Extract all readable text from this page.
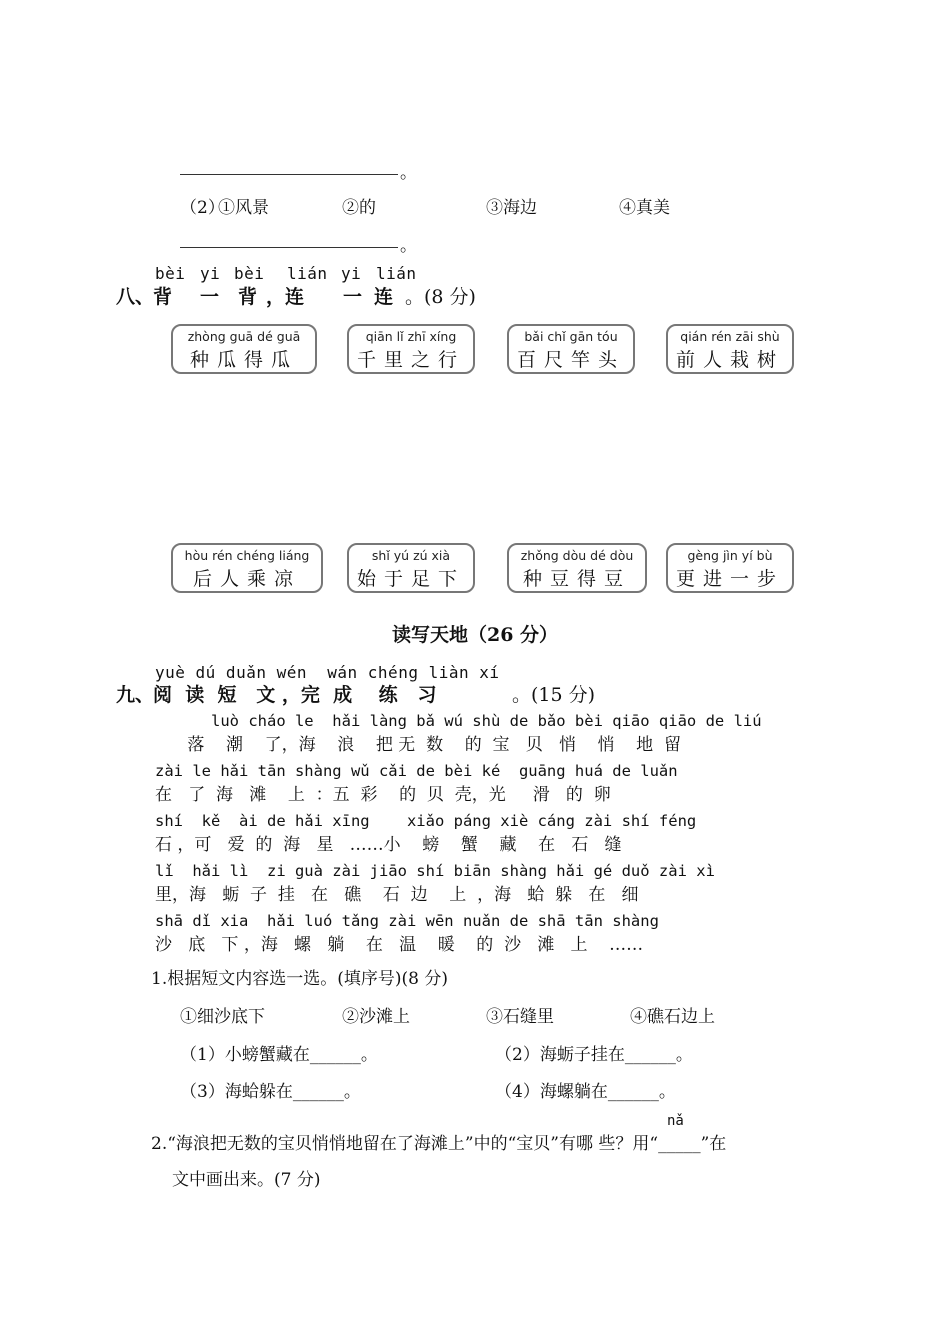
。
（2）
①风景	②的	③海边	④真美
。
bèi yi bèi lián yi lián
八、
背 一 背 ，连 一 连 。(8 分)
zhòng guā dé guā
种瓜得瓜
qiān lǐ zhī xíng
千里之行
bǎi chǐ gān tóu
百尺竿头
qián rén zāi shù
前人栽树
hòu rén chéng liáng
后人乘凉
shǐ yú zú xià
始于足下
zhǒng dòu dé dòu
种豆得豆
gèng jìn yí bù
更进一步
读写天地（26 分）
yuè dú duǎn wén  wán chéng liàn xí
九、
阅  读  短   文 ，完  成    练   习	。(15 分)
luò cháo le  hǎi làng bǎ wú shù de bǎo bèi qiāo qiāo de liú
落    潮    了，海    浪    把 无  数    的  宝   贝   悄    悄    地  留
zài le hǎi tān shàng wǔ cǎi de bèi ké  guāng huá de luǎn
在   了  海   滩    上  ：五  彩    的  贝  壳，光     滑   的  卵
shí  kě  ài de hǎi xīng    xiǎo páng xiè cáng zài shí féng
石 ，可   爱  的  海   星   ……小    螃    蟹    藏    在   石   缝
lǐ  hǎi lì  zi guà zài jiāo shí biān shàng hǎi gé duǒ zài xì
里，海   蛎  子  挂   在   礁    石  边    上  ，海   蛤  躲   在   细
shā dǐ xia  hǎi luó tǎng zài wēn nuǎn de shā tān shàng
沙   底   下 ，海   螺   躺    在   温    暖    的  沙   滩   上    ……
1.根据短文内容选一选。(填序号)(8 分)
①细沙底下	②沙滩上	③石缝里	④礁石边上
（1）小螃蟹藏在______。	（2）海蛎子挂在______。
（3）海蛤躲在______。	（4）海螺躺在______。
nǎ
2.“海浪把无数的宝贝悄悄地留在了海滩上”中的“宝贝”有哪 些？用“_____”在
文中画出来。(7 分)
